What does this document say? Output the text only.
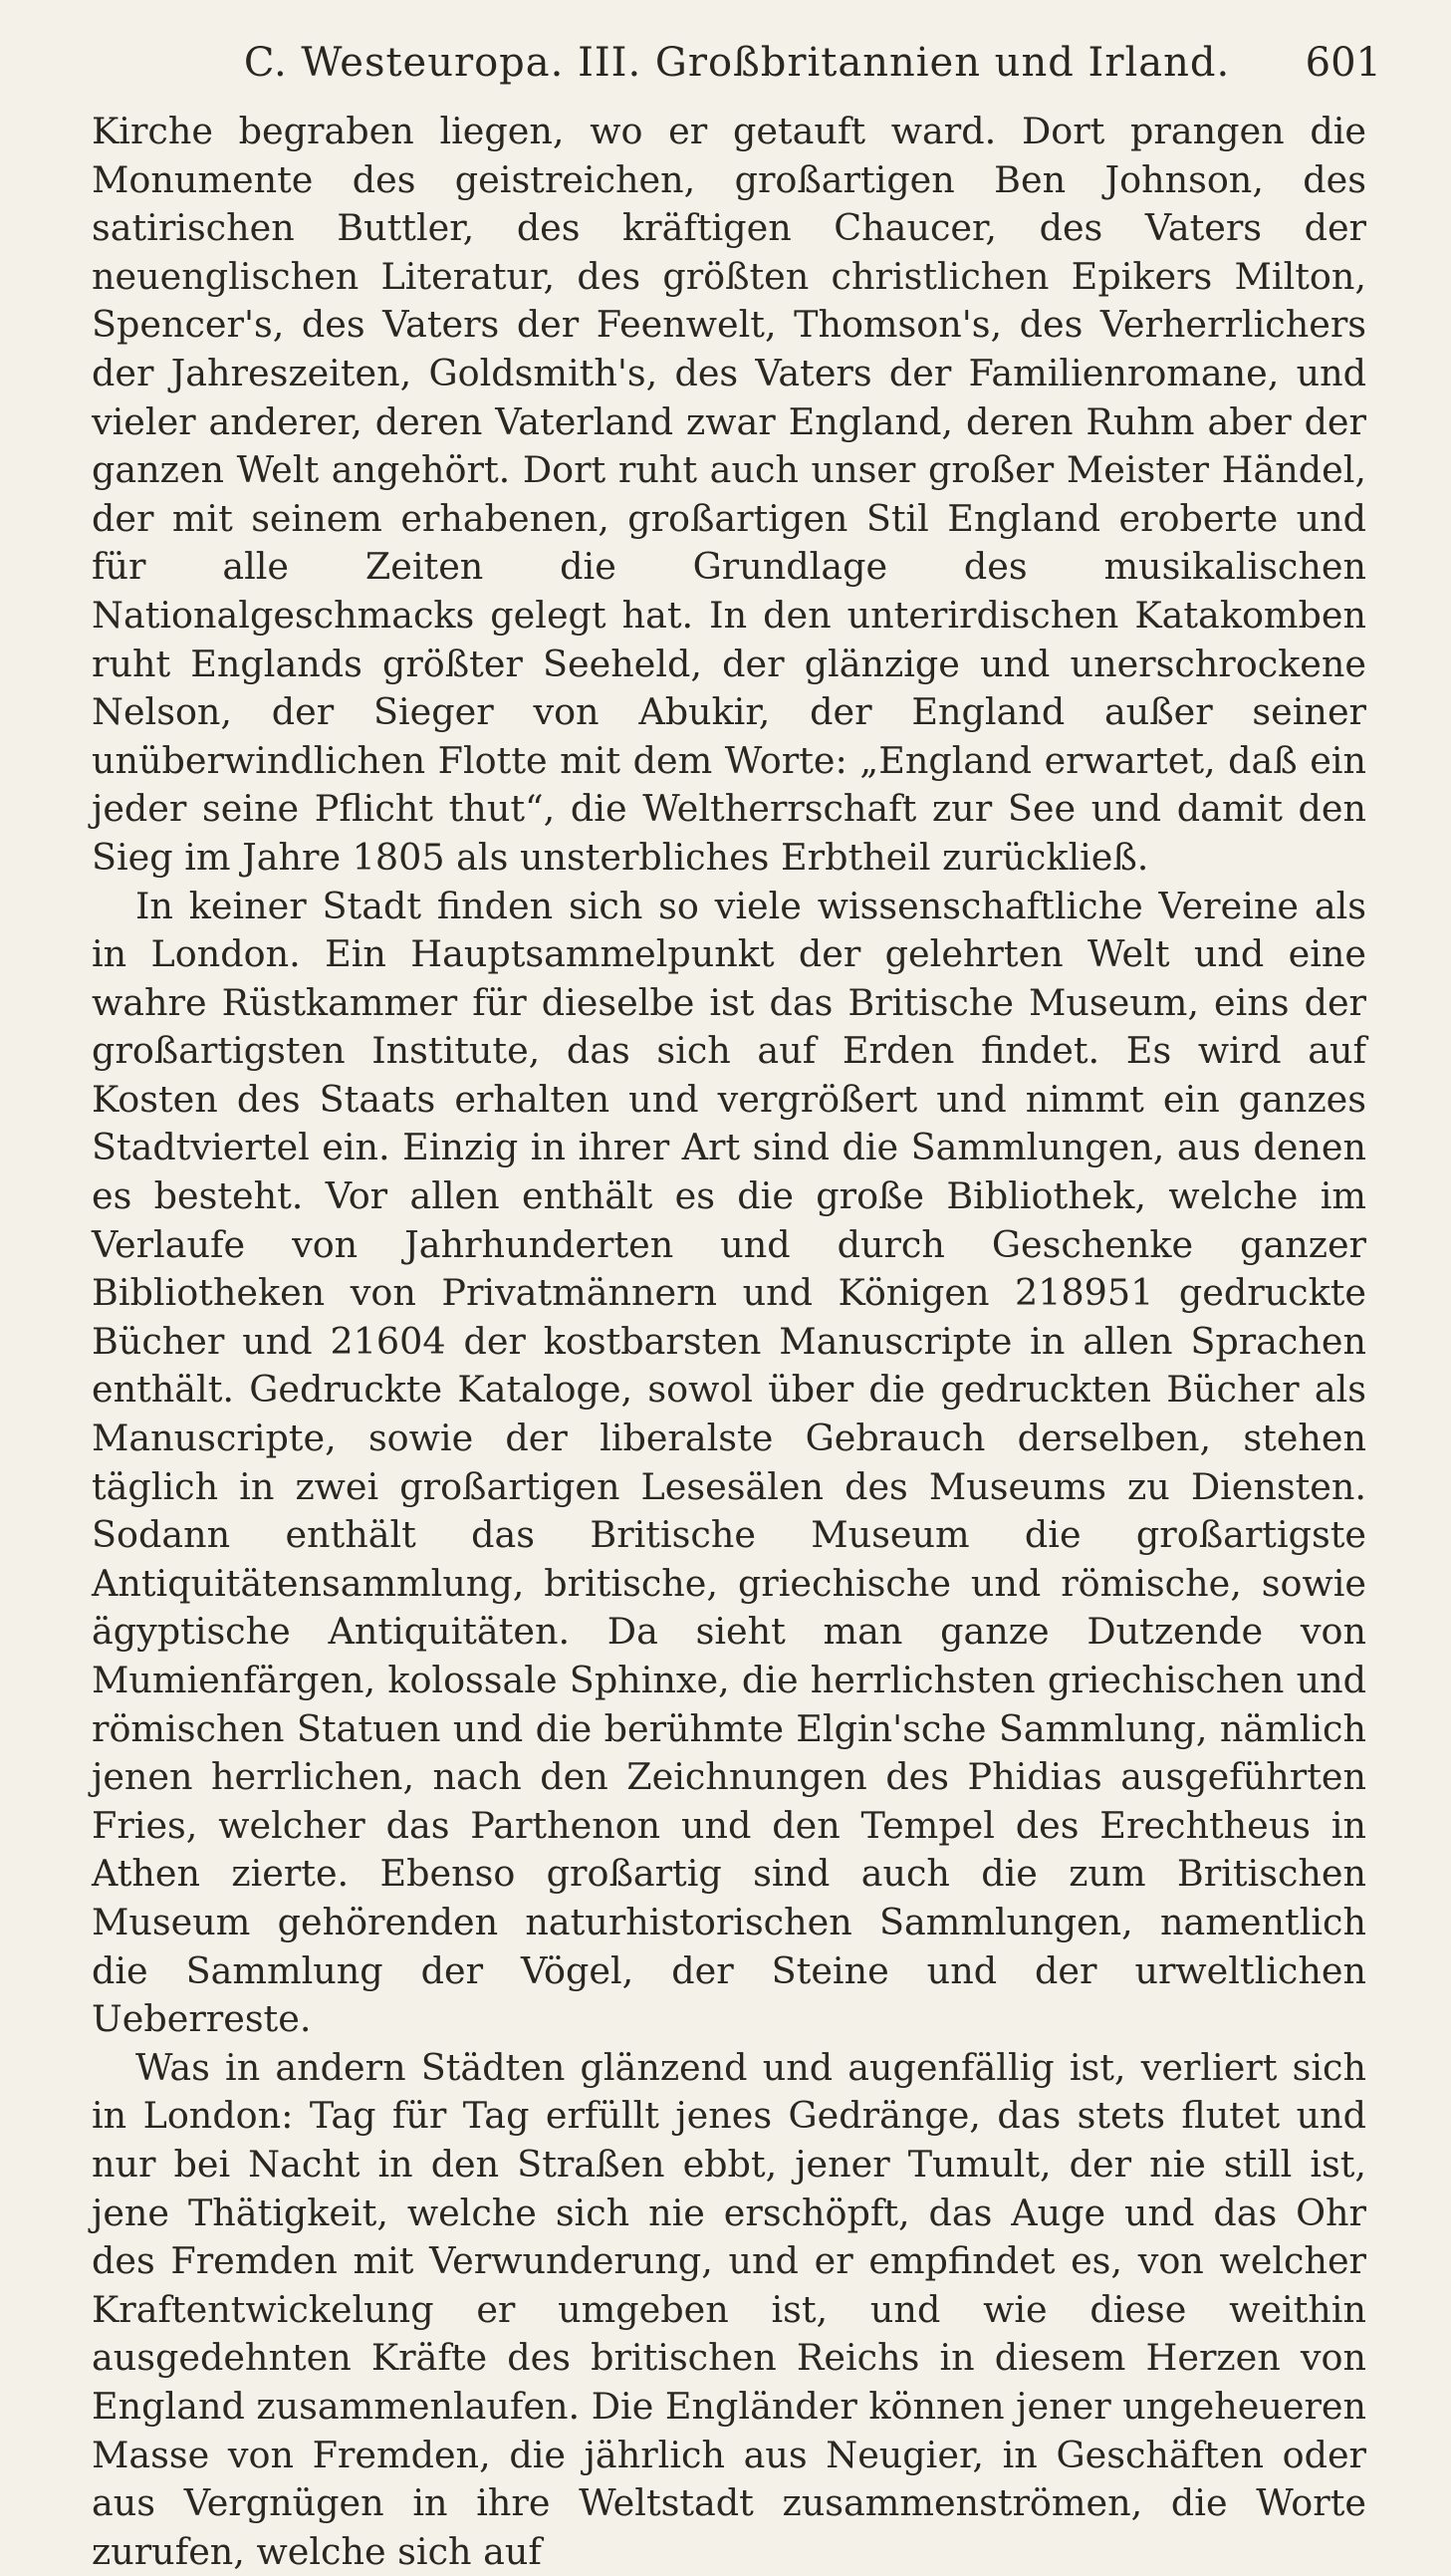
C. Westeuropa. III. Großbritannien und Irland.	601

Kirche begraben liegen, wo er getauft ward. Dort prangen die Monumente des geistreichen, großartigen Ben Johnson, des satirischen Buttler, des kräftigen Chaucer, des Vaters der neuenglischen Literatur, des größten christlichen Epikers Milton, Spencer's, des Vaters der Feenwelt, Thomson's, des Verherrlichers der Jahreszeiten, Goldsmith's, des Vaters der Familienromane, und vieler anderer, deren Vaterland zwar England, deren Ruhm aber der ganzen Welt angehört. Dort ruht auch unser großer Meister Händel, der mit seinem erhabenen, großartigen Stil England eroberte und für alle Zeiten die Grundlage des musikalischen Nationalgeschmacks gelegt hat. In den unterirdischen Katakomben ruht Englands größter Seeheld, der glänzige und unerschrockene Nelson, der Sieger von Abukir, der England außer seiner unüberwindlichen Flotte mit dem Worte: „England erwartet, daß ein jeder seine Pflicht thut“, die Weltherrschaft zur See und damit den Sieg im Jahre 1805 als unsterbliches Erbtheil zurückließ.

In keiner Stadt finden sich so viele wissenschaftliche Vereine als in London. Ein Hauptsammelpunkt der gelehrten Welt und eine wahre Rüstkammer für dieselbe ist das Britische Museum, eins der großartigsten Institute, das sich auf Erden findet. Es wird auf Kosten des Staats erhalten und vergrößert und nimmt ein ganzes Stadtviertel ein. Einzig in ihrer Art sind die Sammlungen, aus denen es besteht. Vor allen enthält es die große Bibliothek, welche im Verlaufe von Jahrhunderten und durch Geschenke ganzer Bibliotheken von Privatmännern und Königen 218951 gedruckte Bücher und 21604 der kostbarsten Manuscripte in allen Sprachen enthält. Gedruckte Kataloge, sowol über die gedruckten Bücher als Manuscripte, sowie der liberalste Gebrauch derselben, stehen täglich in zwei großartigen Lesesälen des Museums zu Diensten. Sodann enthält das Britische Museum die großartigste Antiquitätensammlung, britische, griechische und römische, sowie ägyptische Antiquitäten. Da sieht man ganze Dutzende von Mumienfärgen, kolossale Sphinxe, die herrlichsten griechischen und römischen Statuen und die berühmte Elgin'sche Sammlung, nämlich jenen herrlichen, nach den Zeichnungen des Phidias ausgeführten Fries, welcher das Parthenon und den Tempel des Erechtheus in Athen zierte. Ebenso großartig sind auch die zum Britischen Museum gehörenden naturhistorischen Sammlungen, namentlich die Sammlung der Vögel, der Steine und der urweltlichen Ueberreste.

Was in andern Städten glänzend und augenfällig ist, verliert sich in London: Tag für Tag erfüllt jenes Gedränge, das stets flutet und nur bei Nacht in den Straßen ebbt, jener Tumult, der nie still ist, jene Thätigkeit, welche sich nie erschöpft, das Auge und das Ohr des Fremden mit Verwunderung, und er empfindet es, von welcher Kraftentwickelung er umgeben ist, und wie diese weithin ausgedehnten Kräfte des britischen Reichs in diesem Herzen von England zusammenlaufen. Die Engländer können jener ungeheueren Masse von Fremden, die jährlich aus Neugier, in Geschäften oder aus Vergnügen in ihre Weltstadt zusammenströmen, die Worte zurufen, welche sich auf
